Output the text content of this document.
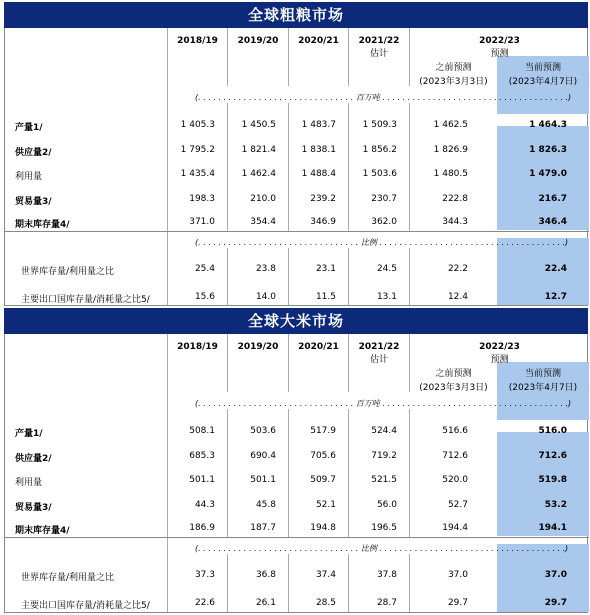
全球粗粮市场
2018/19	2019/20	2020/21	2021/22
估计
2022/23
预测
之前预测
(2023年3月3日)
当前预测
(2023年4月7日)
(. . . . . . . . . . . . . . . . . . . . . . . . . . . . . . . 百万吨 . . . . . . . . . . . . . . . . . . . . . . . . . . . . . . . . . . . . .)
产量1/	1 405.3	1 450.5	1 483.7	1 509.3	1 462.5	1 464.3
供应量2/	1 795.2	1 821.4	1 838.1	1 856.2	1 826.9	1 826.3
利用量	1 435.4	1 462.4	1 488.4	1 503.6	1 480.5	1 479.0
贸易量3/	198.3	210.0	239.2	230.7	222.8	216.7
期末库存量4/	371.0	354.4	346.9	362.0	344.3	346.4
(. . . . . . . . . . . . . . . . . . . . . . . . . . . . . . . . 比例 . . . . . . . . . . . . . . . . . . . . . . . . . . . . . . . . . . . . .)
世界库存量/利用量之比	25.4	23.8	23.1	24.5	22.2	22.4
主要出口国库存量/消耗量之比5/	15.6	14.0	11.5	13.1	12.4	12.7
全球大米市场
2018/19	2019/20	2020/21	2021/22
估计
2022/23
预测
之前预测
(2023年3月3日)
当前预测
(2023年4月7日)
(. . . . . . . . . . . . . . . . . . . . . . . . . . . . . . . 百万吨 . . . . . . . . . . . . . . . . . . . . . . . . . . . . . . . . . . . . .)
产量1/	508.1	503.6	517.9	524.4	516.6	516.0
供应量2/	685.3	690.4	705.6	719.2	712.6	712.6
利用量	501.1	501.1	509.7	521.5	520.0	519.8
贸易量3/	44.3	45.8	52.1	56.0	52.7	53.2
期末库存量4/	186.9	187.7	194.8	196.5	194.4	194.1
(. . . . . . . . . . . . . . . . . . . . . . . . . . . . . . . . 比例 . . . . . . . . . . . . . . . . . . . . . . . . . . . . . . . . . . . . .)
世界库存量/利用量之比	37.3	36.8	37.4	37.8	37.0	37.0
主要出口国库存量/消耗量之比5/	22.6	26.1	28.5	28.7	29.7	29.7
